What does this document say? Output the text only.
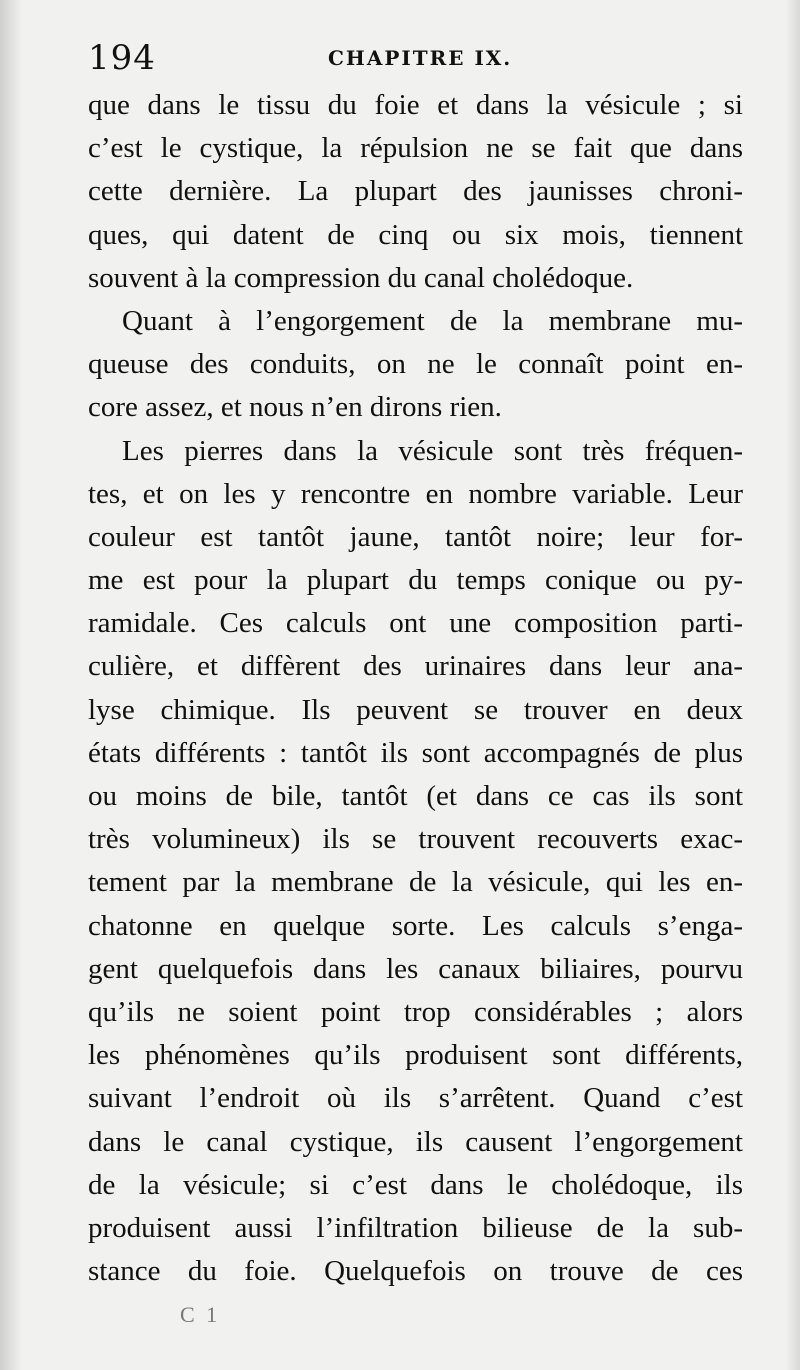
194	CHAPITRE IX.
que dans le tissu du foie et dans la vésicule ; si
c’est le cystique, la répulsion ne se fait que dans
cette dernière. La plupart des jaunisses chroni-
ques, qui datent de cinq ou six mois, tiennent
souvent à la compression du canal cholédoque.
Quant à l’engorgement de la membrane mu-
queuse des conduits, on ne le connaît point en-
core assez, et nous n’en dirons rien.
Les pierres dans la vésicule sont très fréquen-
tes, et on les y rencontre en nombre variable. Leur
couleur est tantôt jaune, tantôt noire; leur for-
me est pour la plupart du temps conique ou py-
ramidale. Ces calculs ont une composition parti-
culière, et diffèrent des urinaires dans leur ana-
lyse chimique. Ils peuvent se trouver en deux
états différents : tantôt ils sont accompagnés de plus
ou moins de bile, tantôt (et dans ce cas ils sont
très volumineux) ils se trouvent recouverts exac-
tement par la membrane de la vésicule, qui les en-
chatonne en quelque sorte. Les calculs s’enga-
gent quelquefois dans les canaux biliaires, pourvu
qu’ils ne soient point trop considérables ; alors
les phénomènes qu’ils produisent sont différents,
suivant l’endroit où ils s’arrêtent. Quand c’est
dans le canal cystique, ils causent l’engorgement
de la vésicule; si c’est dans le cholédoque, ils
produisent aussi l’infiltration bilieuse de la sub-
stance du foie. Quelquefois on trouve de ces
C 1
